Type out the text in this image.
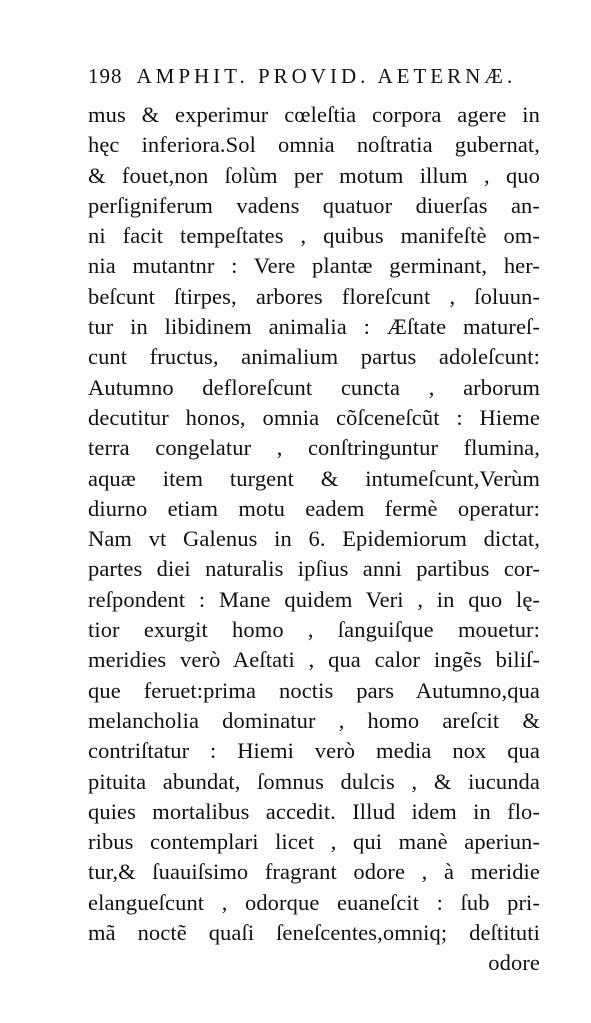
198 AMPHIT. PROVID. AETERNÆ.
mus & experimur cœleſtia corpora agere in
hęc inferiora.Sol omnia noſtratia gubernat,
& fouet,non ſolùm per motum illum , quo
perſigniferum vadens quatuor diuerſas an-
ni facit tempeſtates , quibus manifeſtè om-
nia mutantnr : Vere plantæ germinant, her-
beſcunt ſtirpes, arbores floreſcunt , ſoluun-
tur in libidinem animalia : Æſtate matureſ-
cunt fructus, animalium partus adoleſcunt:
Autumno defloreſcunt cuncta , arborum
decutitur honos, omnia cõſceneſcũt : Hieme
terra congelatur , conſtringuntur flumina,
aquæ item turgent & intumeſcunt,Verùm
diurno etiam motu eadem fermè operatur:
Nam vt Galenus in 6. Epidemiorum dictat,
partes diei naturalis ipſius anni partibus cor-
reſpondent : Mane quidem Veri , in quo lę-
tior exurgit homo , ſanguiſque mouetur:
meridies verò Aeſtati , qua calor ingẽs biliſ-
que feruet:prima noctis pars Autumno,qua
melancholia dominatur , homo areſcit &
contriſtatur : Hiemi verò media nox qua
pituita abundat, ſomnus dulcis , & iucunda
quies mortalibus accedit. Illud idem in flo-
ribus contemplari licet , qui manè aperiun-
tur,& ſuauiſsimo fragrant odore , à meridie
elangueſcunt , odorque euaneſcit : ſub pri-
mã noctẽ quaſi ſeneſcentes,omniq; deſtituti
odore
